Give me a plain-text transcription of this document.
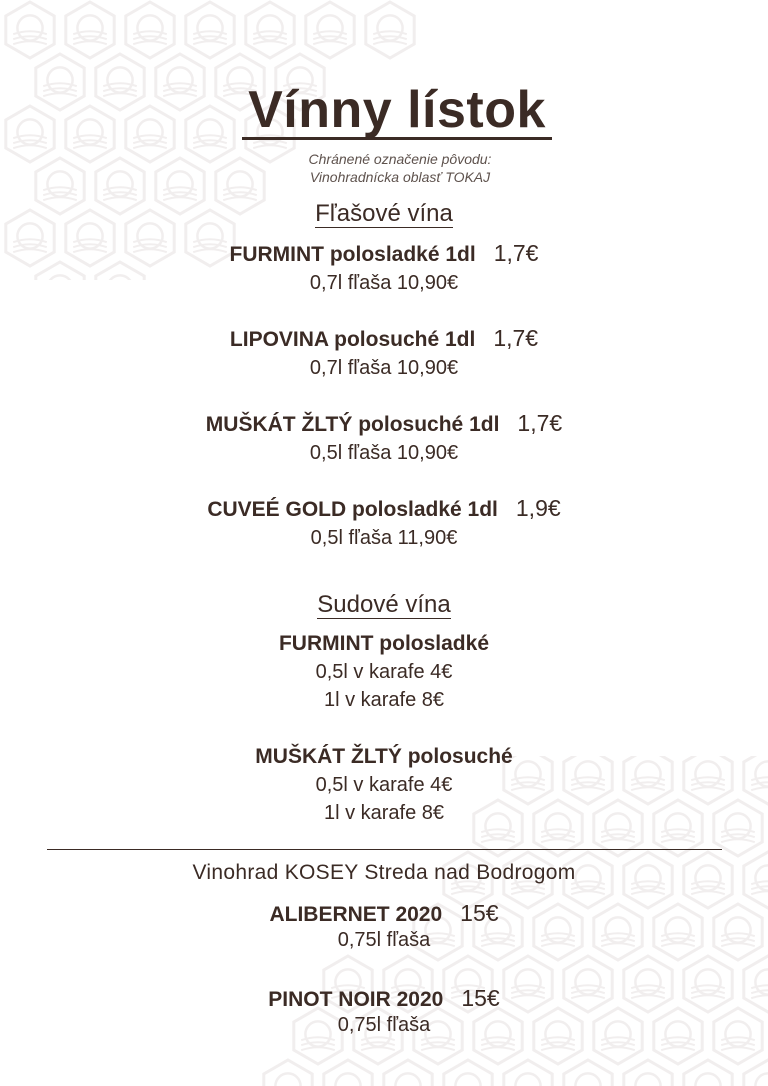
Vínny lístok
Chránené označenie pôvodu:
Vinohradnícka oblasť TOKAJ
Fľašové vína
FURMINT polosladké 1dl 1,7€
0,7l fľaša 10,90€
LIPOVINA polosuché 1dl 1,7€
0,7l fľaša 10,90€
MUŠKÁT ŽLTÝ polosuché 1dl 1,7€
0,5l fľaša 10,90€
CUVEÉ GOLD polosladké 1dl 1,9€
0,5l fľaša 11,90€
Sudové vína
FURMINT polosladké
0,5l v karafe 4€
1l v karafe 8€
MUŠKÁT ŽLTÝ polosuché
0,5l v karafe 4€
1l v karafe 8€
Vinohrad KOSEY Streda nad Bodrogom
ALIBERNET 2020 15€
0,75l fľaša
PINOT NOIR 2020 15€
0,75l fľaša
